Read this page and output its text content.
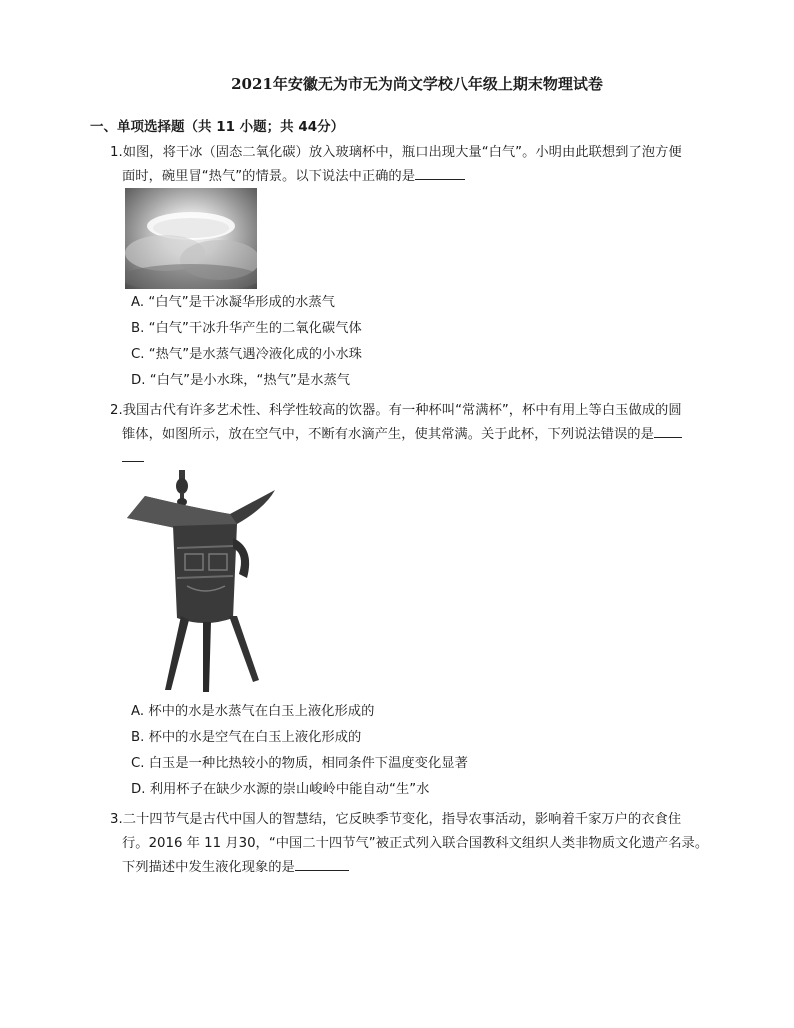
2021年安徽无为市无为尚文学校八年级上期末物理试卷
一、单项选择题（共 11 小题；共 44分）
1.如图，将干冰（固态二氧化碳）放入玻璃杯中，瓶口出现大量“白气”。小明由此联想到了泡方便
面时，碗里冒“热气”的情景。以下说法中正确的是
A. “白气”是干冰凝华形成的水蒸气
B. “白气”干冰升华产生的二氧化碳气体
C. “热气”是水蒸气遇冷液化成的小水珠
D. “白气”是小水珠，“热气”是水蒸气
2.我国古代有许多艺术性、科学性较高的饮器。有一种杯叫“常满杯”，杯中有用上等白玉做成的圆
锥体，如图所示，放在空气中，不断有水滴产生，使其常满。关于此杯，下列说法错误的是
A. 杯中的水是水蒸气在白玉上液化形成的
B. 杯中的水是空气在白玉上液化形成的
C. 白玉是一种比热较小的物质，相同条件下温度变化显著
D. 利用杯子在缺少水源的崇山峻岭中能自动“生”水
3.二十四节气是古代中国人的智慧结，它反映季节变化，指导农事活动，影响着千家万户的衣食住
行。2016 年 11 月30，“中国二十四节气”被正式列入联合国教科文组织人类非物质文化遗产名录。
下列描述中发生液化现象的是
